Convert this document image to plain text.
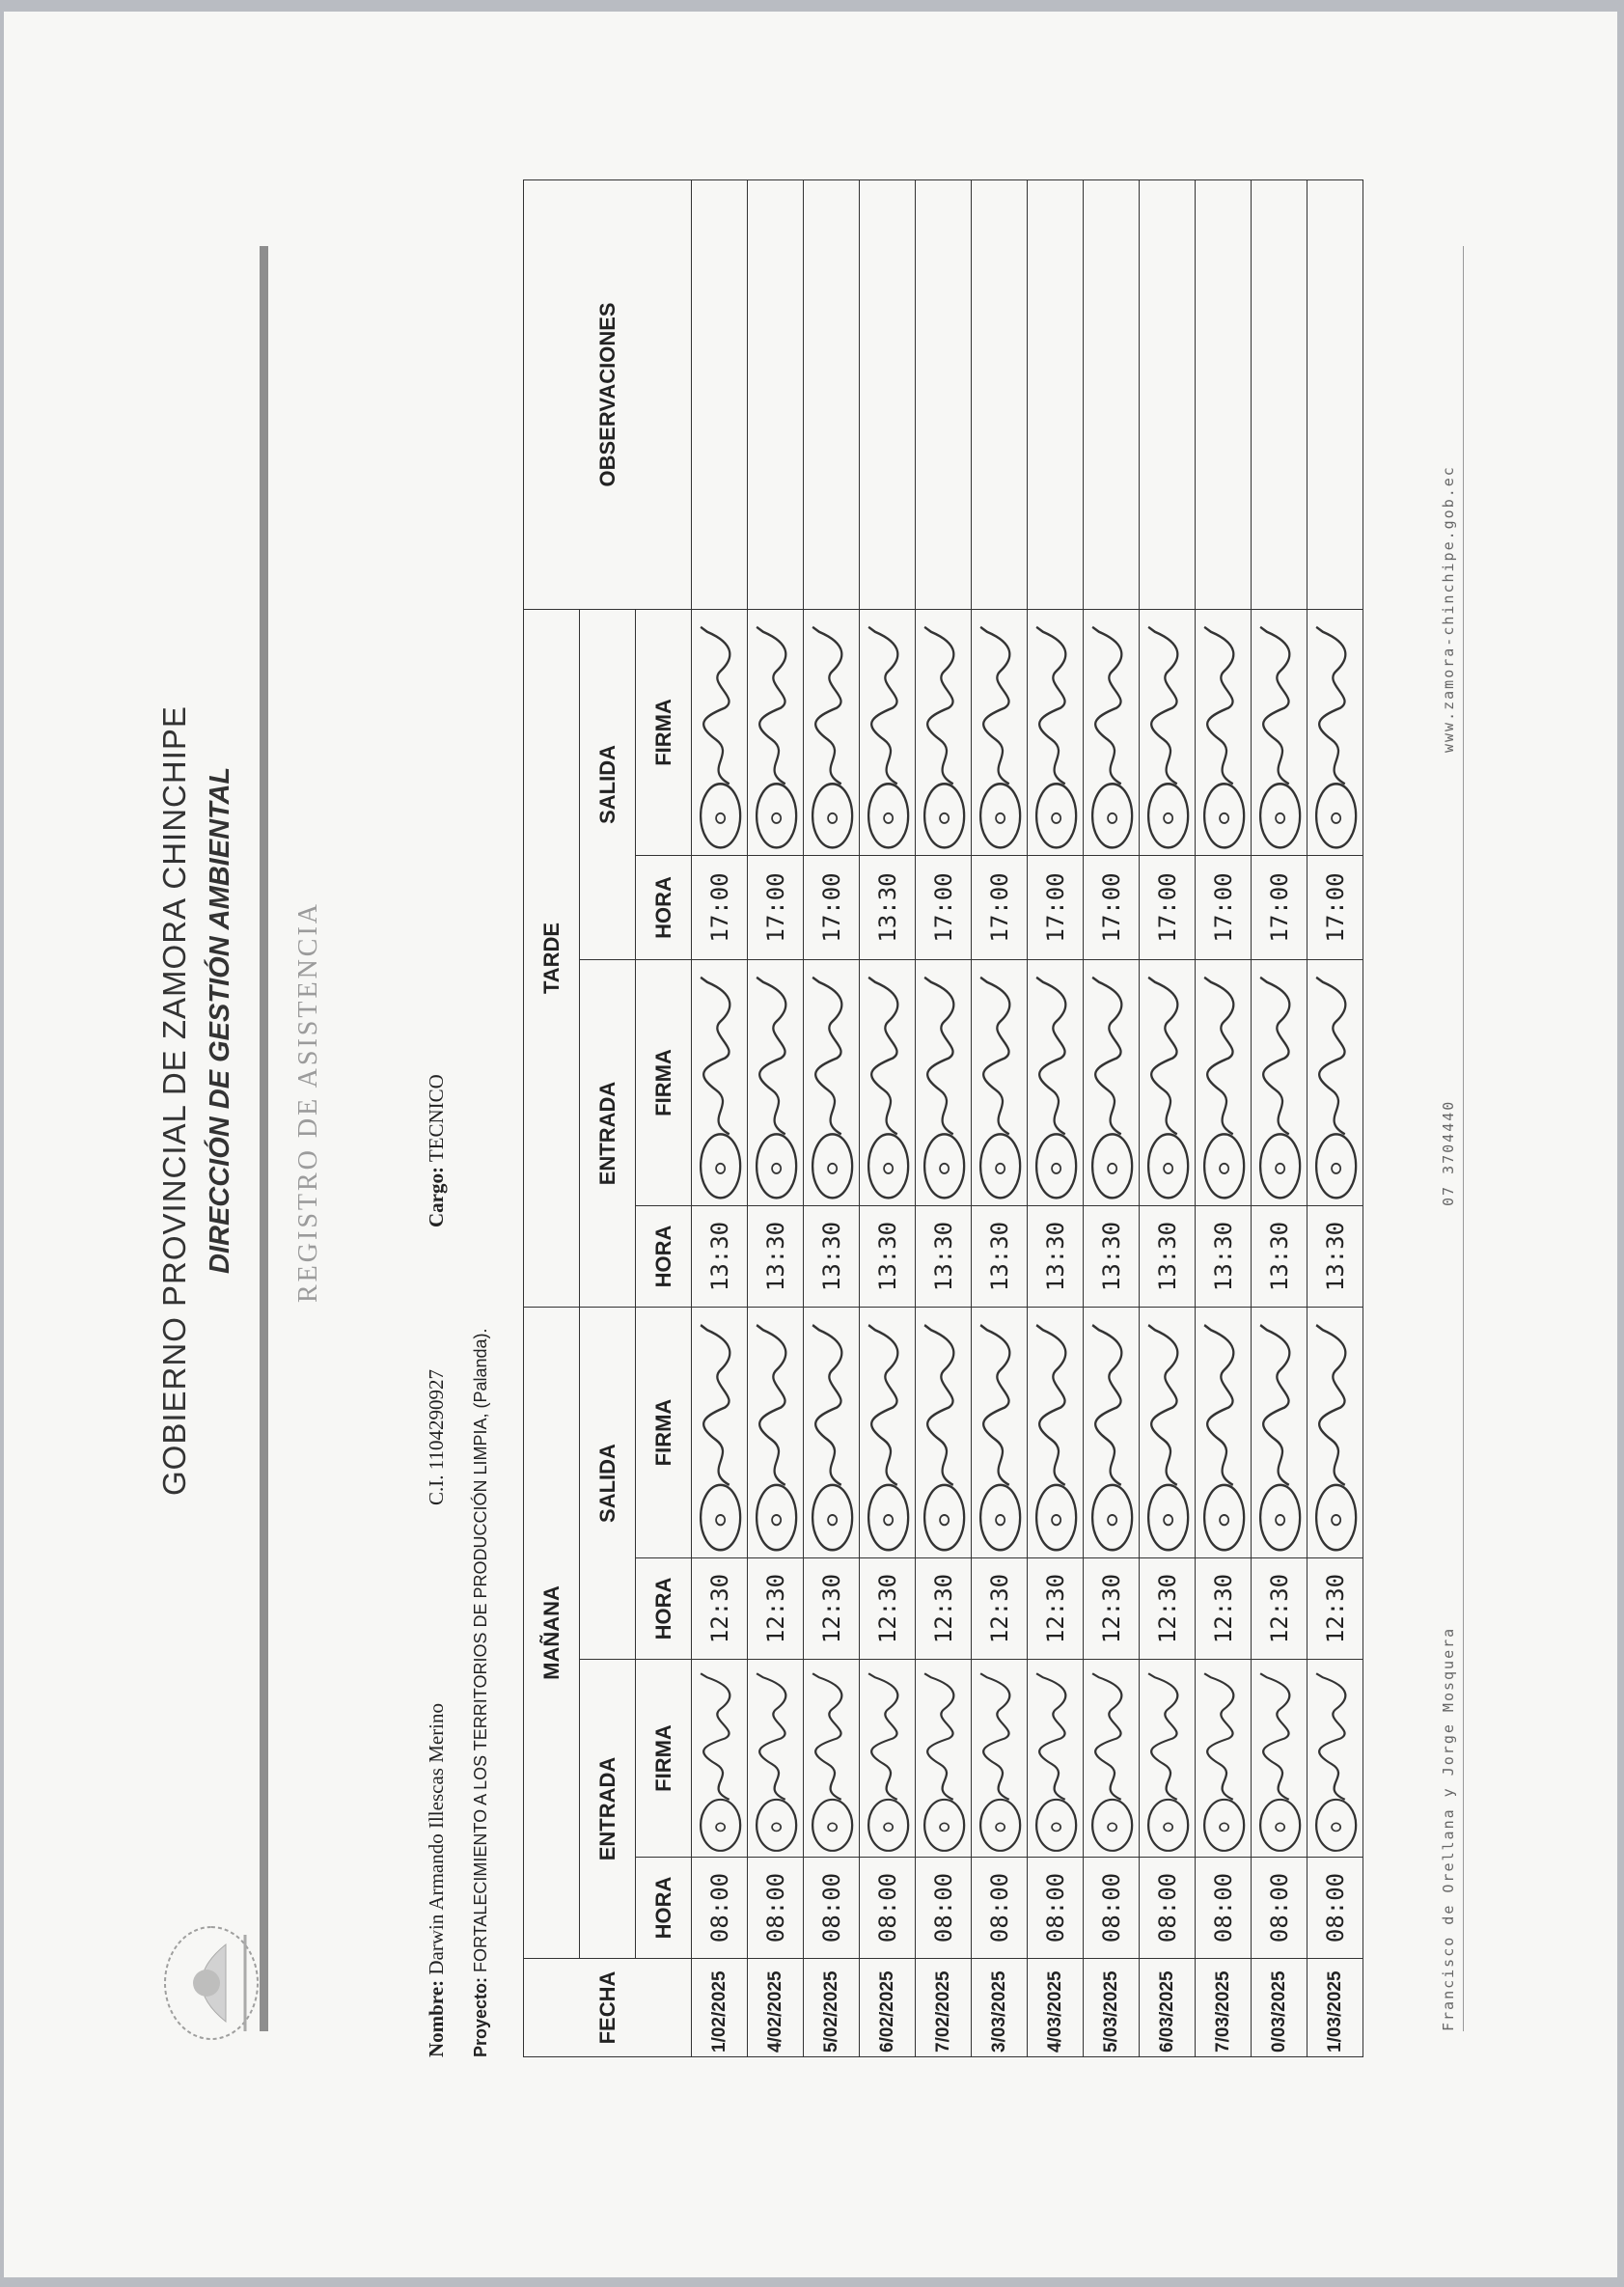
GOBIERNO PROVINCIAL DE ZAMORA CHINCHIPE DIRECCIÓN DE GESTIÓN AMBIENTAL REGISTRO DE ASISTENCIA
Nombre: Darwin Armando Illescas Merino
C.I. 1104290927
Cargo: TECNICO
Proyecto: FORTALECIMIENTO A LOS TERRITORIOS DE PRODUCCIÓN LIMPIA, (Palanda).
FECHA	MAÑANA				TARDE				OBSERVACIONES
	ENTRADA		SALIDA		ENTRADA		SALIDA		
	HORA	FIRMA	HORA	FIRMA	HORA	FIRMA	HORA	FIRMA	
1/02/2025	08:00		12:30		13:30		17:00	

4/02/2025	08:00		12:30		13:30		17:00	

5/02/2025	08:00		12:30		13:30		17:00	

6/02/2025	08:00		12:30		13:30		13:30	

7/02/2025	08:00		12:30		13:30		17:00	

3/03/2025	08:00		12:30		13:30		17:00	

4/03/2025	08:00		12:30		13:30		17:00	

5/03/2025	08:00		12:30		13:30		17:00	

6/03/2025	08:00		12:30		13:30		17:00	

7/03/2025	08:00		12:30		13:30		17:00	

0/03/2025	08:00		12:30		13:30		17:00	

1/03/2025	08:00		12:30		13:30		17:00	

Francisco de Orellana y Jorge Mosquera
07 3704440
www.zamora-chinchipe.gob.ec
